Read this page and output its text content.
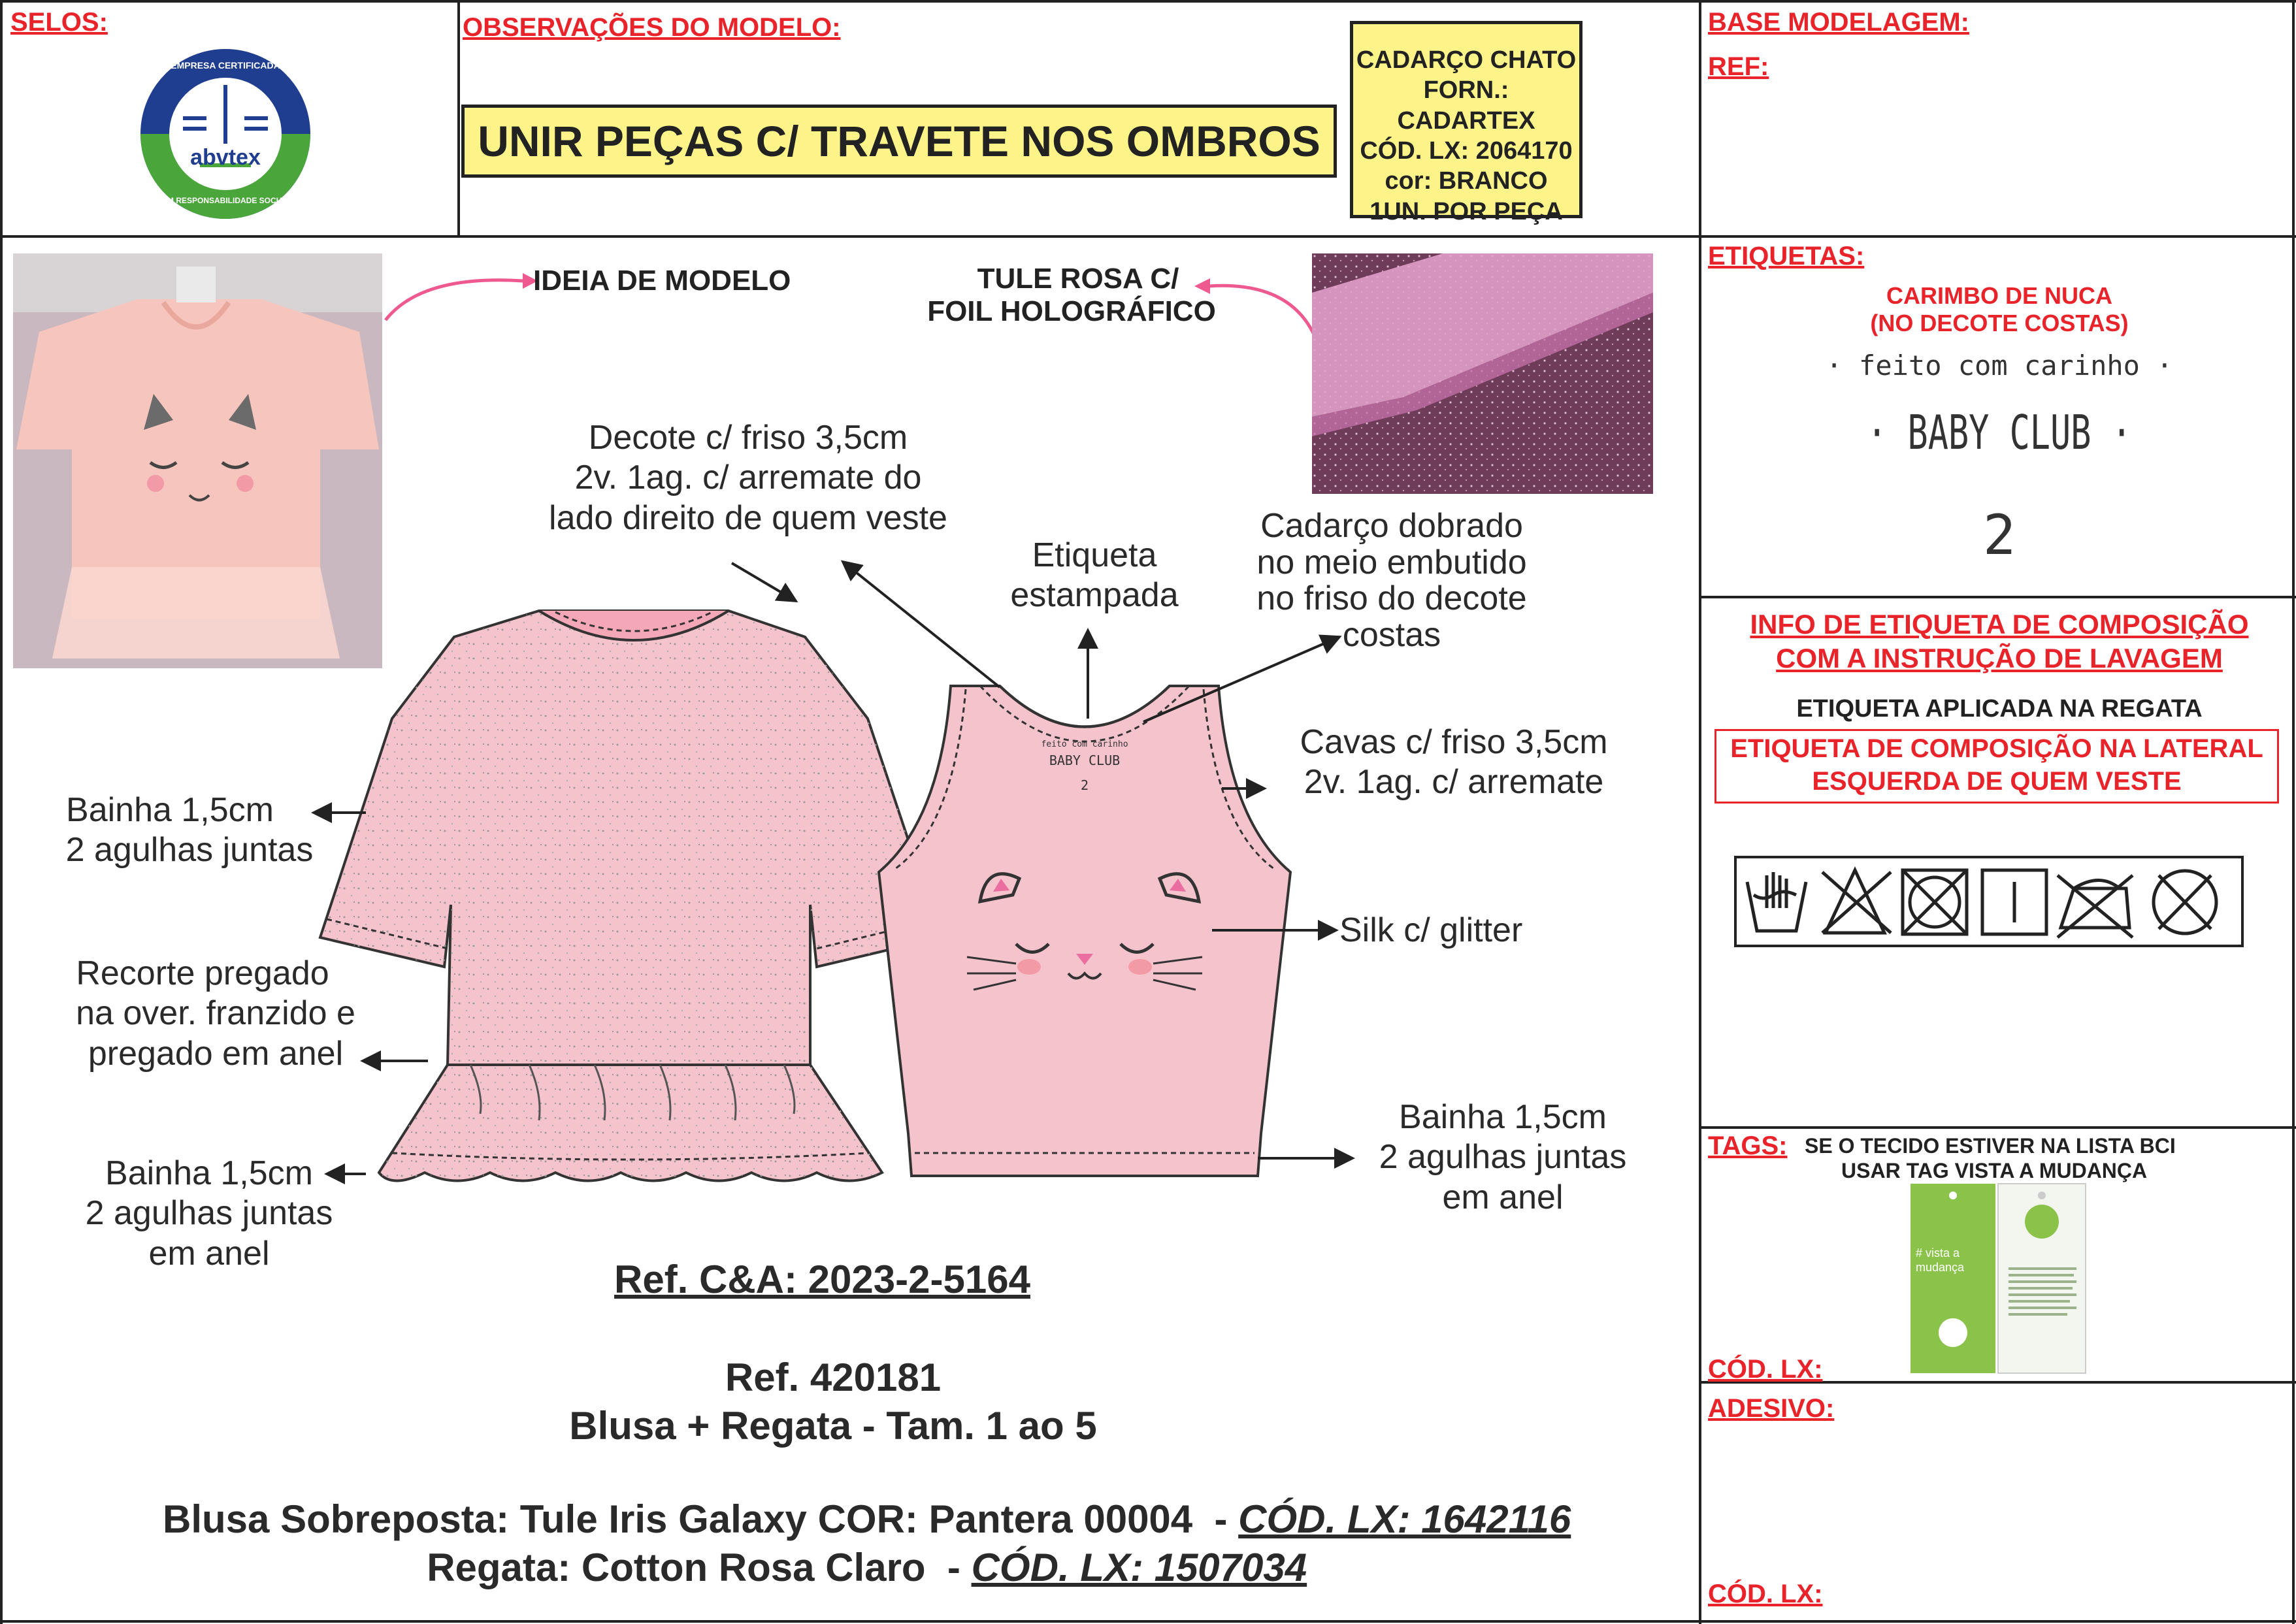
SELOS:
abvtex
EMPRESA CERTIFICADA
EM RESPONSABILIDADE SOCIAL
OBSERVAÇÕES DO MODELO:
UNIR PEÇAS C/ TRAVETE NOS OMBROS
CADARÇO CHATO
FORN.: CADARTEX
CÓD. LX: 2064170
cor: BRANCO
1UN. POR PEÇA
BASE MODELAGEM:
REF:
IDEIA DE MODELO	TULE ROSA C/
FOIL HOLOGRÁFICO
feito com carinho
BABY CLUB
2
Decote c/ friso 3,5cm
2v. 1ag. c/ arremate do
lado direito de quem veste
Etiqueta
estampada
Cadarço dobrado
no meio embutido
no friso do decote
costas
Cavas c/ friso 3,5cm
2v. 1ag. c/ arremate
Silk c/ glitter
Bainha 1,5cm
2 agulhas juntas
Recorte pregado
na over. franzido e
pregado em anel
Bainha 1,5cm
2 agulhas juntas
em anel
Bainha 1,5cm
2 agulhas juntas
em anel
Ref. C&A: 2023-2-5164
Ref. 420181
Blusa + Regata - Tam. 1 ao 5

Blusa Sobreposta: Tule Iris Galaxy COR: Pantera 00004  - CÓD. LX: 1642116

Regata: Cotton Rosa Claro  - CÓD. LX: 1507034

ETIQUETAS:
CARIMBO DE NUCA
(NO DECOTE COSTAS)
· feito com carinho ·
· BABY CLUB ·
2
INFO DE ETIQUETA DE COMPOSIÇÃO
COM A INSTRUÇÃO DE LAVAGEM
ETIQUETA APLICADA NA REGATA
ETIQUETA DE COMPOSIÇÃO NA LATERAL
ESQUERDA DE QUEM VESTE
TAGS: SE O TECIDO ESTIVER NA LISTA BCI
USAR TAG VISTA A MUDANÇA
# vista a mudança
CÓD. LX:
ADESIVO:
CÓD. LX:
